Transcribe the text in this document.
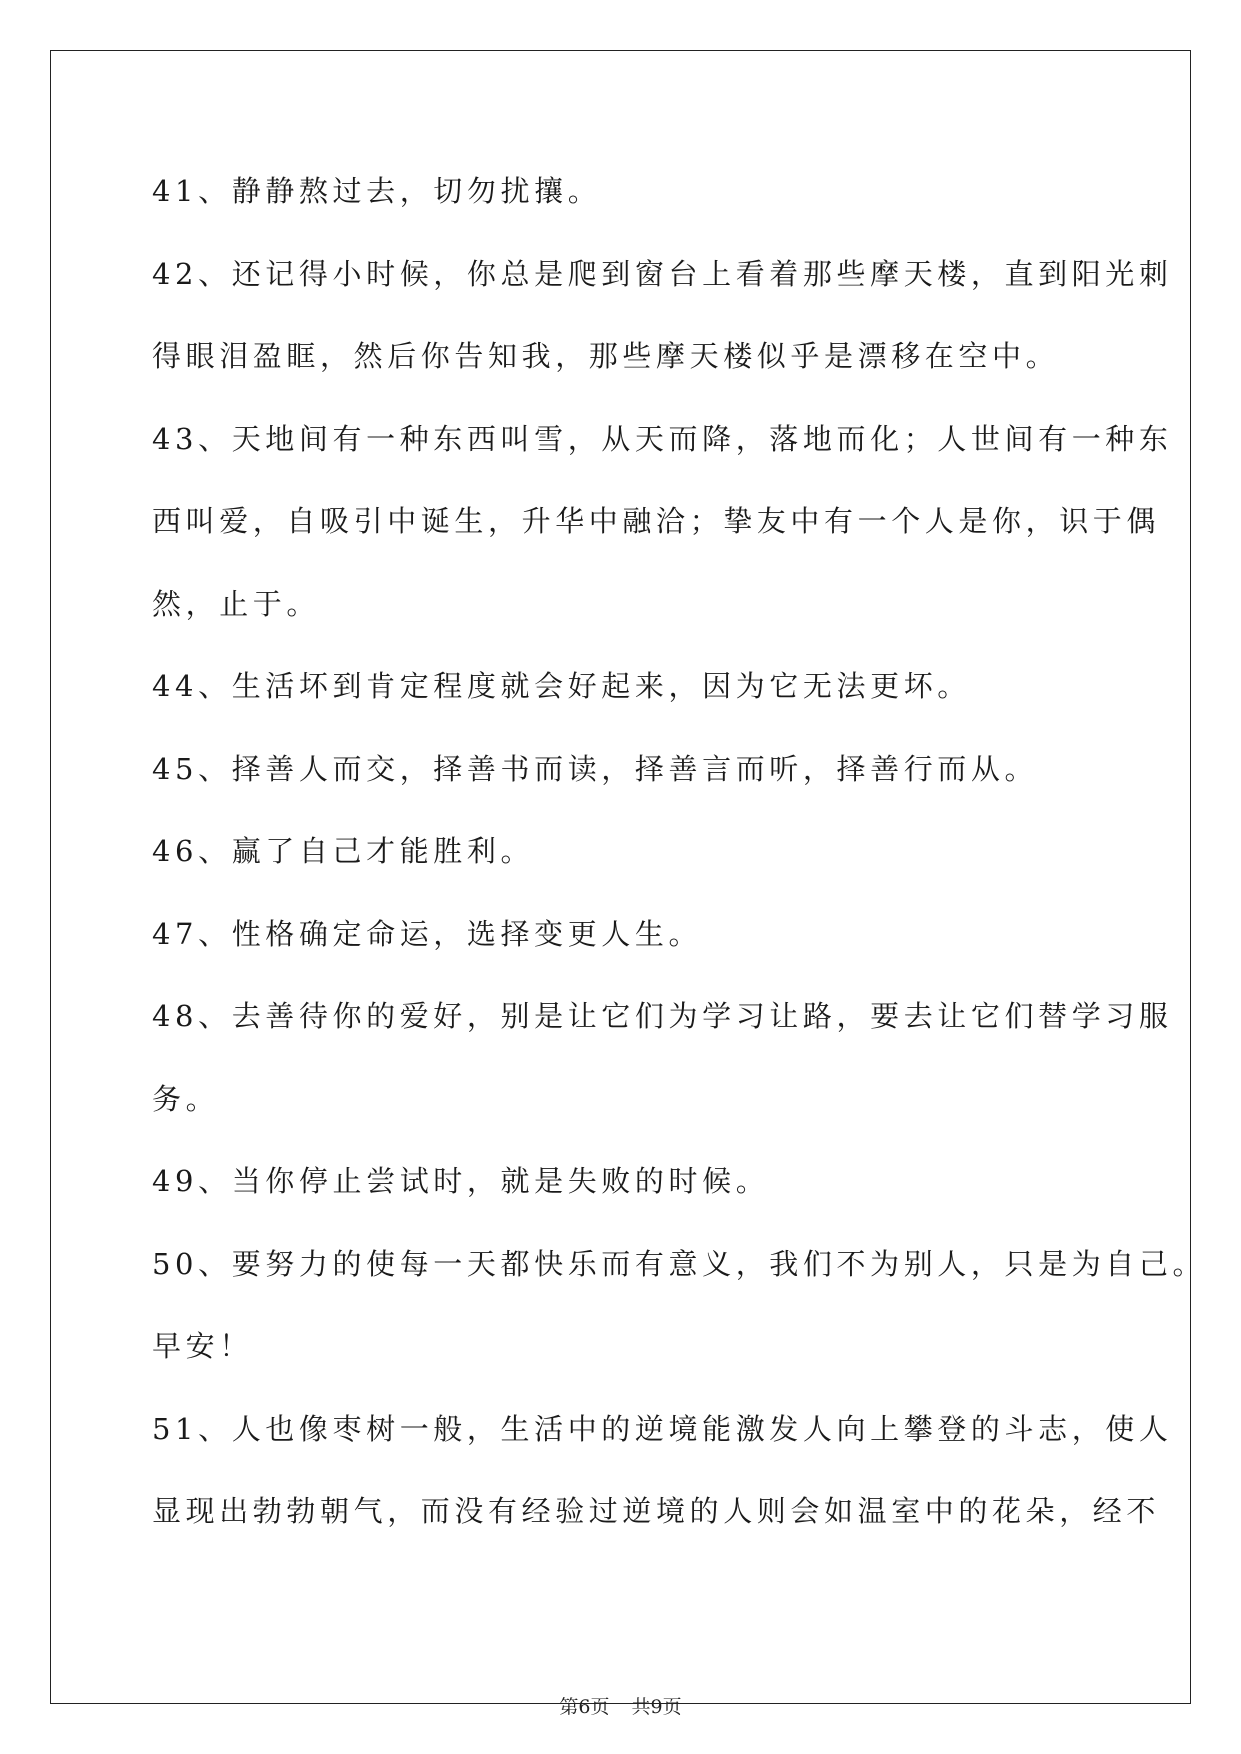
41、静静熬过去，切勿扰攘。
42、还记得小时候，你总是爬到窗台上看着那些摩天楼，直到阳光刺
得眼泪盈眶，然后你告知我，那些摩天楼似乎是漂移在空中。
43、天地间有一种东西叫雪，从天而降，落地而化；人世间有一种东
西叫爱，自吸引中诞生，升华中融洽；挚友中有一个人是你，识于偶
然，止于。
44、生活坏到肯定程度就会好起来，因为它无法更坏。
45、择善人而交，择善书而读，择善言而听，择善行而从。
46、赢了自己才能胜利。
47、性格确定命运，选择变更人生。
48、去善待你的爱好，别是让它们为学习让路，要去让它们替学习服
务。
49、当你停止尝试时，就是失败的时候。
50、要努力的使每一天都快乐而有意义，我们不为别人，只是为自己。
早安！
51、人也像枣树一般，生活中的逆境能激发人向上攀登的斗志，使人
显现出勃勃朝气，而没有经验过逆境的人则会如温室中的花朵，经不
第6页 共9页
